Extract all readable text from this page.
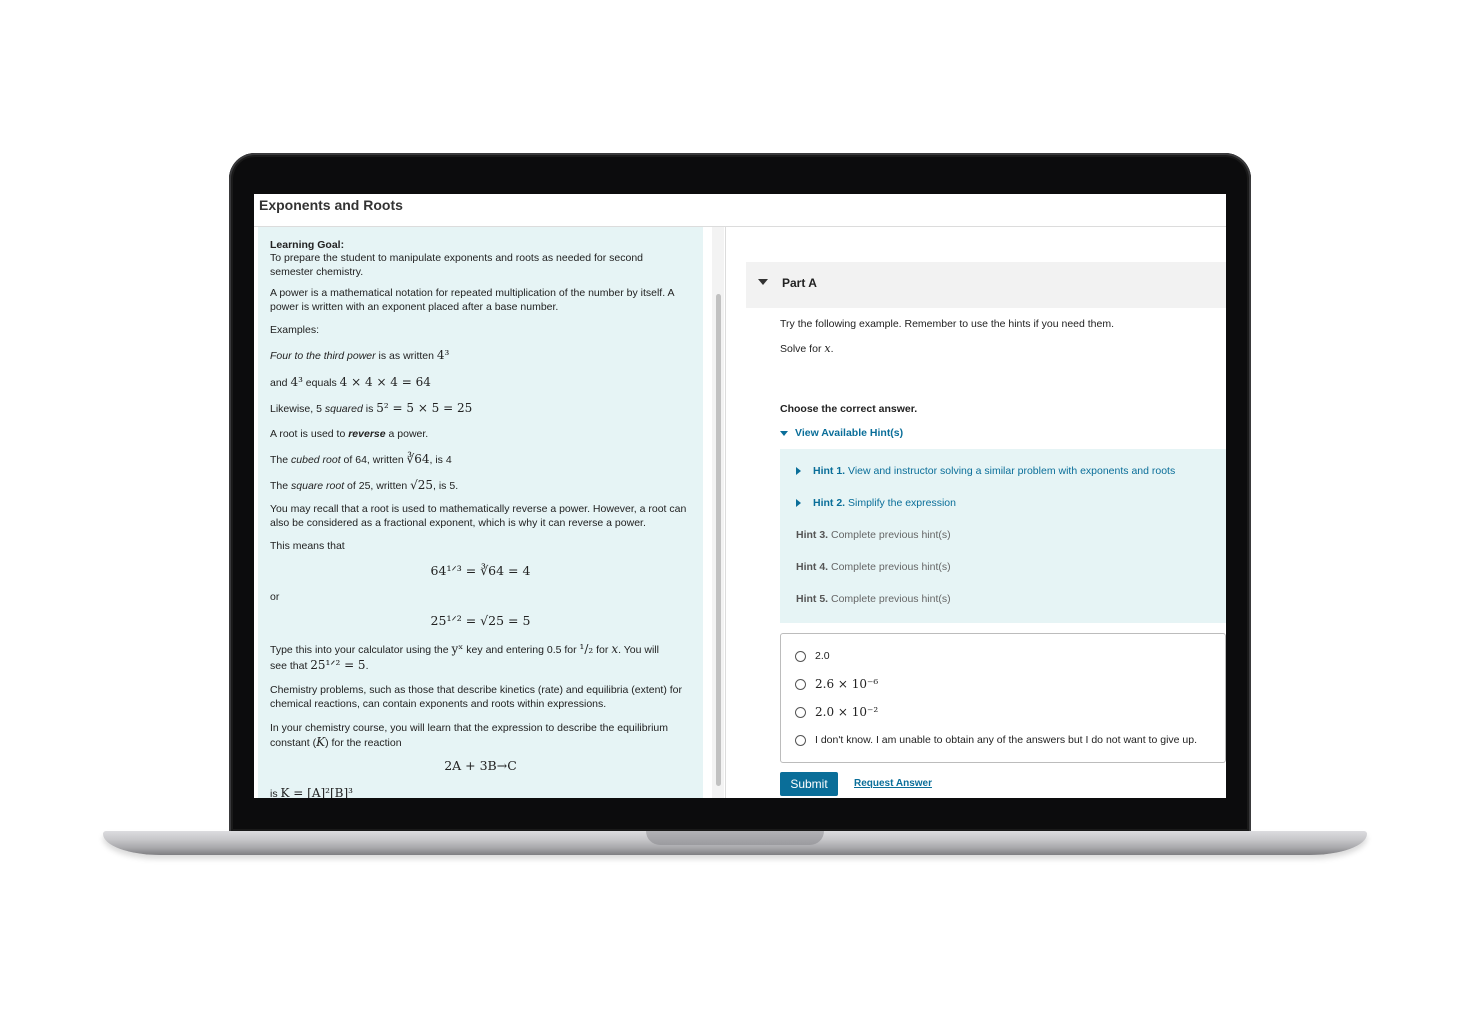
Exponents and Roots

Learning Goal:

To prepare the student to manipulate exponents and roots as needed for second semester chemistry.

A power is a mathematical notation for repeated multiplication of the number by itself. A power is written with an exponent placed after a base number.

Examples:

Four to the third power is as written 4³

and 4³ equals 4 × 4 × 4 = 64

Likewise, 5 squared is 5² = 5 × 5 = 25

A root is used to reverse a power.

The cubed root of 64, written ∛64, is 4

The square root of 25, written √25, is 5.

You may recall that a root is used to mathematically reverse a power. However, a root can also be considered as a fractional exponent, which is why it can reverse a power.

This means that

64¹ᐟ³ = ∛64 = 4

or

25¹ᐟ² = √25 = 5

Type this into your calculator using the yˣ key and entering 0.5 for ¹/₂ for x. You will

see that 25¹ᐟ² = 5.

Chemistry problems, such as those that describe kinetics (rate) and equilibria (extent) for chemical reactions, can contain exponents and roots within expressions.

In your chemistry course, you will learn that the expression to describe the equilibrium constant (K) for the reaction

2A + 3B→C

is K = [A]²[B]³

Part A

Try the following example. Remember to use the hints if you need them.

Solve for x.

Choose the correct answer.

View Available Hint(s)
Hint 1. View and instructor solving a similar problem with exponents and roots
Hint 2. Simplify the expression
Hint 3. Complete previous hint(s)
Hint 4. Complete previous hint(s)
Hint 5. Complete previous hint(s)
2.0
2.6 × 10⁻⁶
2.0 × 10⁻²
I don't know. I am unable to obtain any of the answers but I do not want to give up.
Submit	Request Answer
